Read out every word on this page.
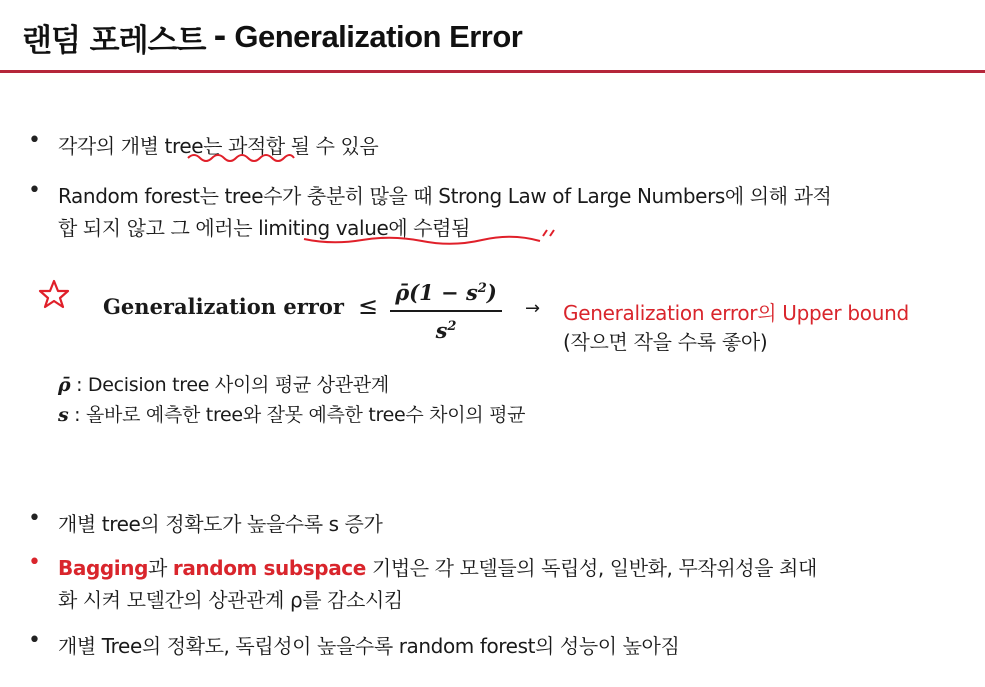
랜덤 포레스트 - Generalization Error
• 각각의 개별 tree는 과적합 될 수 있음
• Random forest는 tree수가 충분히 많을 때 Strong Law of Large Numbers에 의해 과적
합 되지 않고 그 에러는 limiting value에 수렴됨
Generalization error ≤ ρ̄(1 − $s^2$)
$s^2$
→ Generalization error의 Upper bound
(작으면 작을 수록 좋아)
ρ̄ : Decision tree 사이의 평균 상관관계
s : 올바로 예측한 tree와 잘못 예측한 tree수 차이의 평균
• 개별 tree의 정확도가 높을수록 s 증가
• Bagging과 random subspace 기법은 각 모델들의 독립성, 일반화, 무작위성을 최대
화 시켜 모델간의 상관관계 ρ를 감소시킴
• 개별 Tree의 정확도, 독립성이 높을수록 random forest의 성능이 높아짐
